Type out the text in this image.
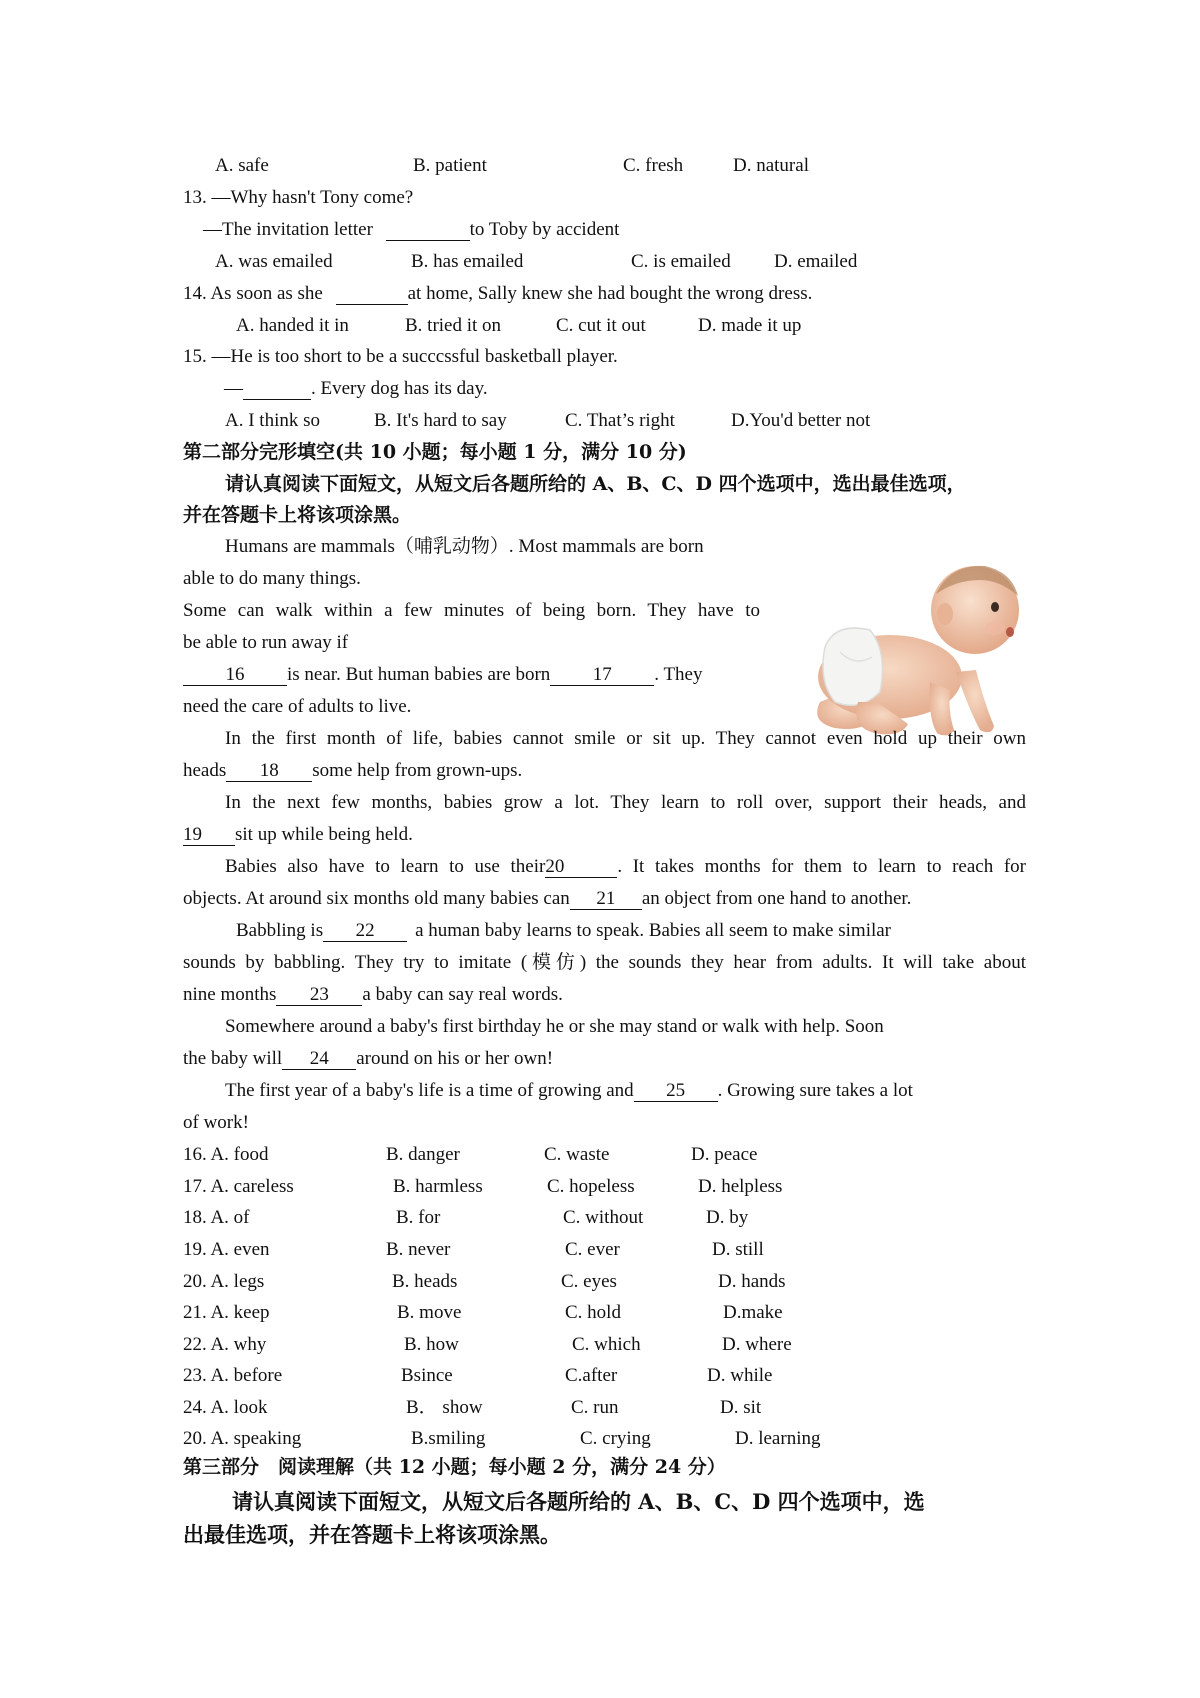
A. safe	B. patient	C. fresh	D. natural
13. —Why hasn't Tony come?
—The invitation letter	to Toby by accident
A. was emailed	B. has emailed	C. is emailed D. emailed
14. As soon as she	at home, Sally knew she had bought the wrong dress.
A. handed it in	B. tried it on	C. cut it out	D. made it up
15. —He is too short to be a succcssful basketball player.
—	. Every dog has its day.
A. I think so	B. It's hard to say	C. That’s right	D.You'd better not
第二部分完形填空(共 10 小题；每小题 1 分，满分 10 分)
请认真阅读下面短文，从短文后各题所给的 A、B、C、D 四个选项中，选出最佳选项，
并在答题卡上将该项涂黑。
Humans are mammals（哺乳动物）. Most mammals are born
able to do many things.
Some can walk within a few minutes of being born. They have to
be able to run away if
16 is near. But human babies are born 17 . They
need the care of adults to live.
In the first month of life, babies cannot smile or sit up. They cannot even hold up their own
heads 18 some help from grown-ups.
In the next few months, babies grow a lot. They learn to roll over, support their heads, and
19 sit up while being held.
Babies also have to learn to use their20	. It takes months for them to learn to reach for
objects. At around six months old many babies can 21 an object from one hand to another.
Babbling is 22 a human baby learns to speak. Babies all seem to make similar
sounds by babbling. They try to imitate (模仿) the sounds they hear from adults. It will take about
nine months 23 a baby can say real words.
Somewhere around a baby's first birthday he or she may stand or walk with help. Soon
the baby will 24 around on his or her own!
The first year of a baby's life is a time of growing and 25 . Growing sure takes a lot
of work!
16. A. food	B. danger	C. waste	D. peace
17. A. careless	B. harmless	C. hopeless	D. helpless
18. A. of	B. for	C. without	D. by
19. A. even	B. never	C. ever	D. still
20. A. legs	B. heads	C. eyes	D. hands
21. A. keep	B. move	C. hold	D.make
22. A. why	B. how	C. which	D. where
23. A. before	Bsince	C.after	D. while
24. A. look	B． show	C. run	D. sit
20. A. speaking	B.smiling	C. crying	D. learning
第三部分　阅读理解（共 12 小题；每小题 2 分，满分 24 分）
请认真阅读下面短文，从短文后各题所给的 A、B、C、D 四个选项中，选
出最佳选项，并在答题卡上将该项涂黑。
